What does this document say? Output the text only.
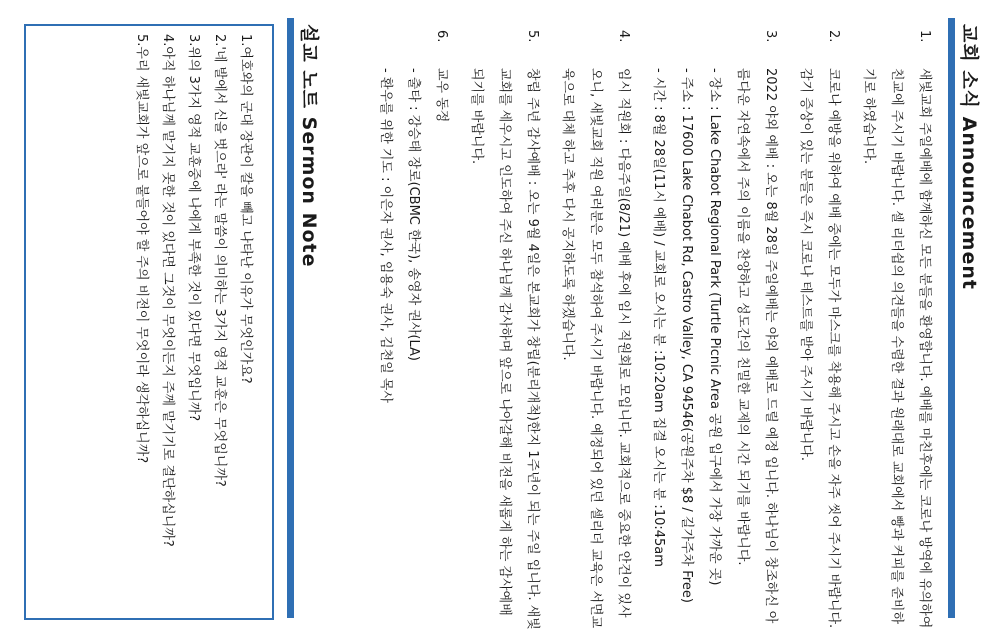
교회 소식 Announcement
1.
새빛교회 주일예배에 함께하신 모든 분들을 환영합니다. 예배를 마친후에는 코로나 방역에 유의하여 친교에 주시기 바랍니다. 셀 리더쉽의 의견들을 수렴한 결과 원래대로 교회에서 빵과 커피를 준비하기로 하였습니다.
2.
코로나 예방을 위하여 예배 중에는 모두가 마스크를 착용해 주시고 손을 자주 씻어 주시기 바랍니다. 감기 증상이 있는 분들은 즉시 코로나 테스트를 받아 주시기 바랍니다.
3.
2022 야외 예배 : 오는 8월 28일 주일예배는 야외 예배로 드릴 예정 입니다. 하나님이 창조하신 아름다운 자연속에서 주의 이름을 찬양하고 성도간의 친밀한 교제의 시간 되기를 바랍니다.
- 장소 : Lake Chabot Regional Park (Turtle Picnic Area 공원 입구에서 가장 가까운 곳)
- 주소 : 17600 Lake Chabot Rd, Castro Valley, CA 94546(공원주차 $8 / 길가주차 Free)
- 시간 : 8월 28일(11시 예배) / 교회로 오시는 분 :10:20am 집결 오시는 분 :10:45am
4.
임시 직원회 : 다음주일(8/21) 예배 후에 임시 직원회로 모입니다. 교회적으로 중요한 안건이 있사오니, 새빛교회 직원 여러분은 모두 참석하여 주시기 바랍니다. 예정되어 있던 셀리더 교육은 서면교육으로 대체 하고 추후 다시 공지하도록 하겠습니다.
5.
창립 주년 감사예배 : 오는 9월 4일은 본교회가 창립(분리개척)한지 1주년이 되는 주일 입니다. 새빛교회를 세우시고 인도하여 주신 하나님께 감사하며 앞으로 나아갈해 비전을 새롭게 하는 감사예배 되기를 바랍니다.
6.
교우 동정
- 출타 : 강승태 장로(CBMC 한국), 송영자 권사(LA)
- 환우를 위한 기도 : 이은자 권사, 임용숙 권사, 김천일 목사
설교 노트 Sermon Note
1.여호와의 군대 장관이 칼을 빼고 나타난 이유가 무엇인가요?
2.'네 발에서 신을 벗으라' 라는 말씀이 의미하는 3가지 영적 교훈은 무엇입니까?
3.위의 3가지 영적 교훈중에 나에게 부족한 것이 있다면 무엇입니까?
4.아직 하나님께 맡기지 못한 것이 있다면 그것이 무엇이든지 주께 맡기기로 결단하십니까?
5.우리 새빛교회가 앞으로 붙들어야 할 주의 비전이 무엇이라 생각하십니까?
